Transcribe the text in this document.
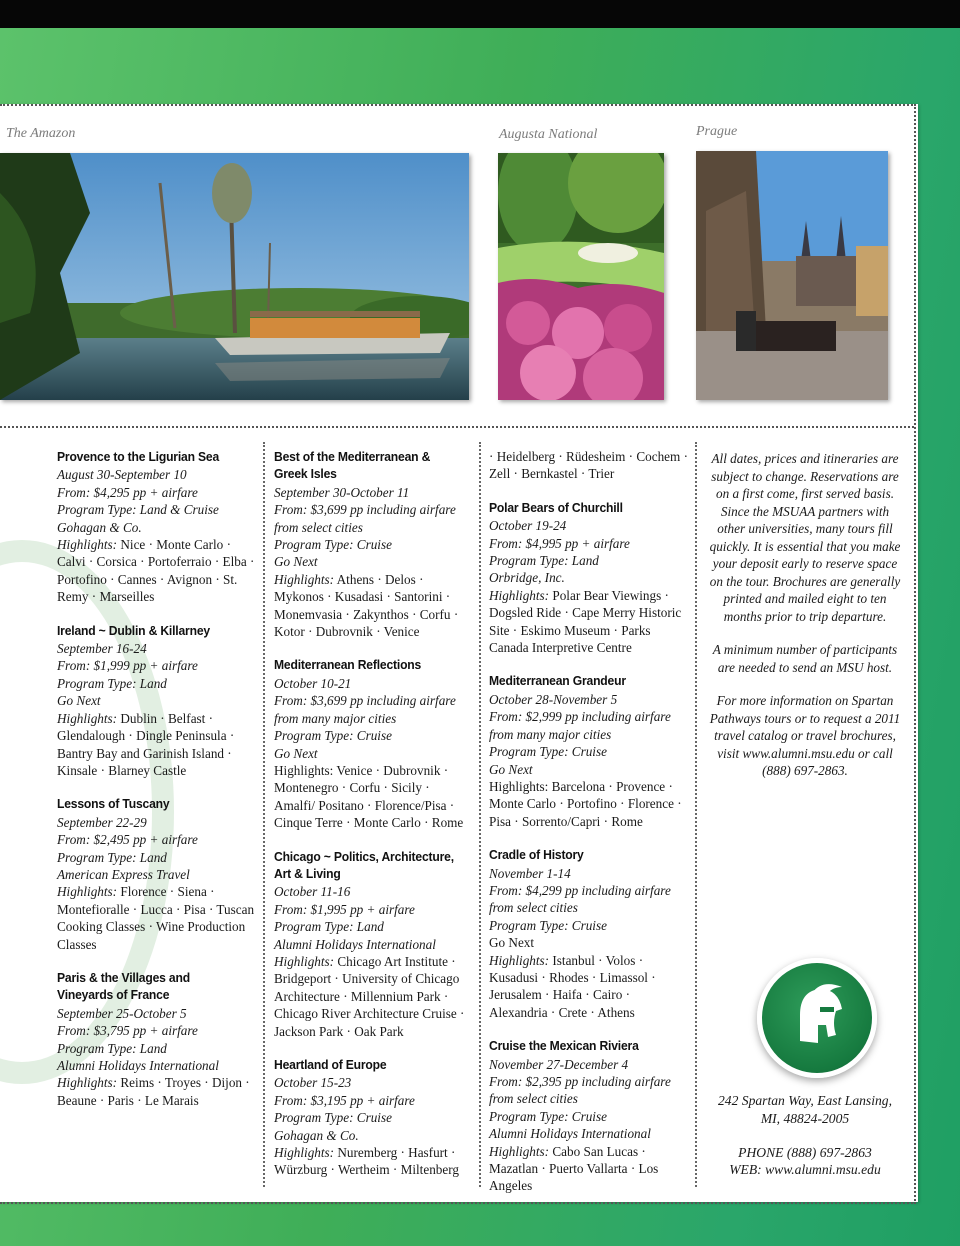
The Amazon	Augusta National	Prague
Provence to the Ligurian Sea

August 30-September 10

From: $4,295 pp + airfare

Program Type: Land & Cruise

Gohagan & Co.

Highlights: Nice · Monte Carlo · Calvi · Corsica · Portoferraio · Elba · Portofino · Cannes · Avignon · St. Remy · Marseilles

Ireland ~ Dublin & Killarney

September 16-24

From: $1,999 pp + airfare

Program Type: Land

Go Next

Highlights: Dublin · Belfast · Glendalough · Dingle Peninsula · Bantry Bay and Garinish Island · Kinsale · Blarney Castle

Lessons of Tuscany

September 22-29

From: $2,495 pp + airfare

Program Type: Land

American Express Travel

Highlights: Florence · Siena · Montefioralle · Lucca · Pisa · Tuscan Cooking Classes · Wine Production Classes

Paris & the Villages and Vineyards of France

September 25-October 5

From: $3,795 pp + airfare

Program Type: Land

Alumni Holidays International

Highlights: Reims · Troyes · Dijon · Beaune · Paris · Le Marais

Best of the Mediterranean & Greek Isles

September 30-October 11

From: $3,699 pp including airfare from select cities

Program Type: Cruise

Go Next

Highlights: Athens · Delos · Mykonos · Kusadasi · Santorini · Monemvasia · Zakynthos · Corfu · Kotor · Dubrovnik · Venice

Mediterranean Reflections

October 10-21

From: $3,699 pp including airfare from many major cities

Program Type: Cruise

Go Next

Highlights: Venice · Dubrovnik · Montenegro · Corfu · Sicily · Amalfi/ Positano · Florence/Pisa · Cinque Terre · Monte Carlo · Rome

Chicago ~ Politics, Architecture, Art & Living

October 11-16

From: $1,995 pp + airfare

Program Type: Land

Alumni Holidays International

Highlights: Chicago Art Institute · Bridgeport · University of Chicago Architecture · Millennium Park · Chicago River Architecture Cruise · Jackson Park · Oak Park

Heartland of Europe

October 15-23

From: $3,195 pp + airfare

Program Type: Cruise

Gohagan & Co.

Highlights: Nuremberg · Hasfurt · Würzburg · Wertheim · Miltenberg

· Heidelberg · Rüdesheim · Cochem · Zell · Bernkastel · Trier

Polar Bears of Churchill

October 19-24

From: $4,995 pp + airfare

Program Type: Land

Orbridge, Inc.

Highlights: Polar Bear Viewings · Dogsled Ride · Cape Merry Historic Site · Eskimo Museum · Parks Canada Interpretive Centre

Mediterranean Grandeur

October 28-November 5

From: $2,999 pp including airfare from many major cities

Program Type: Cruise

Go Next

Highlights: Barcelona · Provence · Monte Carlo · Portofino · Florence · Pisa · Sorrento/Capri · Rome

Cradle of History

November 1-14

From: $4,299 pp including airfare from select cities

Program Type: Cruise

Go Next

Highlights: Istanbul · Volos · Kusadusi · Rhodes · Limassol · Jerusalem · Haifa · Cairo · Alexandria · Crete · Athens

Cruise the Mexican Riviera

November 27-December 4

From: $2,395 pp including airfare from select cities

Program Type: Cruise

Alumni Holidays International

Highlights: Cabo San Lucas · Mazatlan · Puerto Vallarta · Los Angeles

All dates, prices and itineraries are subject to change. Reservations are on a first come, first served basis. Since the MSUAA partners with other universities, many tours fill quickly. It is essential that you make your deposit early to reserve space on the tour. Brochures are generally printed and mailed eight to ten months prior to trip departure.

A minimum number of participants are needed to send an MSU host.

For more information on Spartan Pathways tours or to request a 2011 travel catalog or travel brochures, visit www.alumni.msu.edu or call (888) 697-2863.

242 Spartan Way, East Lansing, MI, 48824-2005
PHONE (888) 697-2863
WEB: www.alumni.msu.edu
